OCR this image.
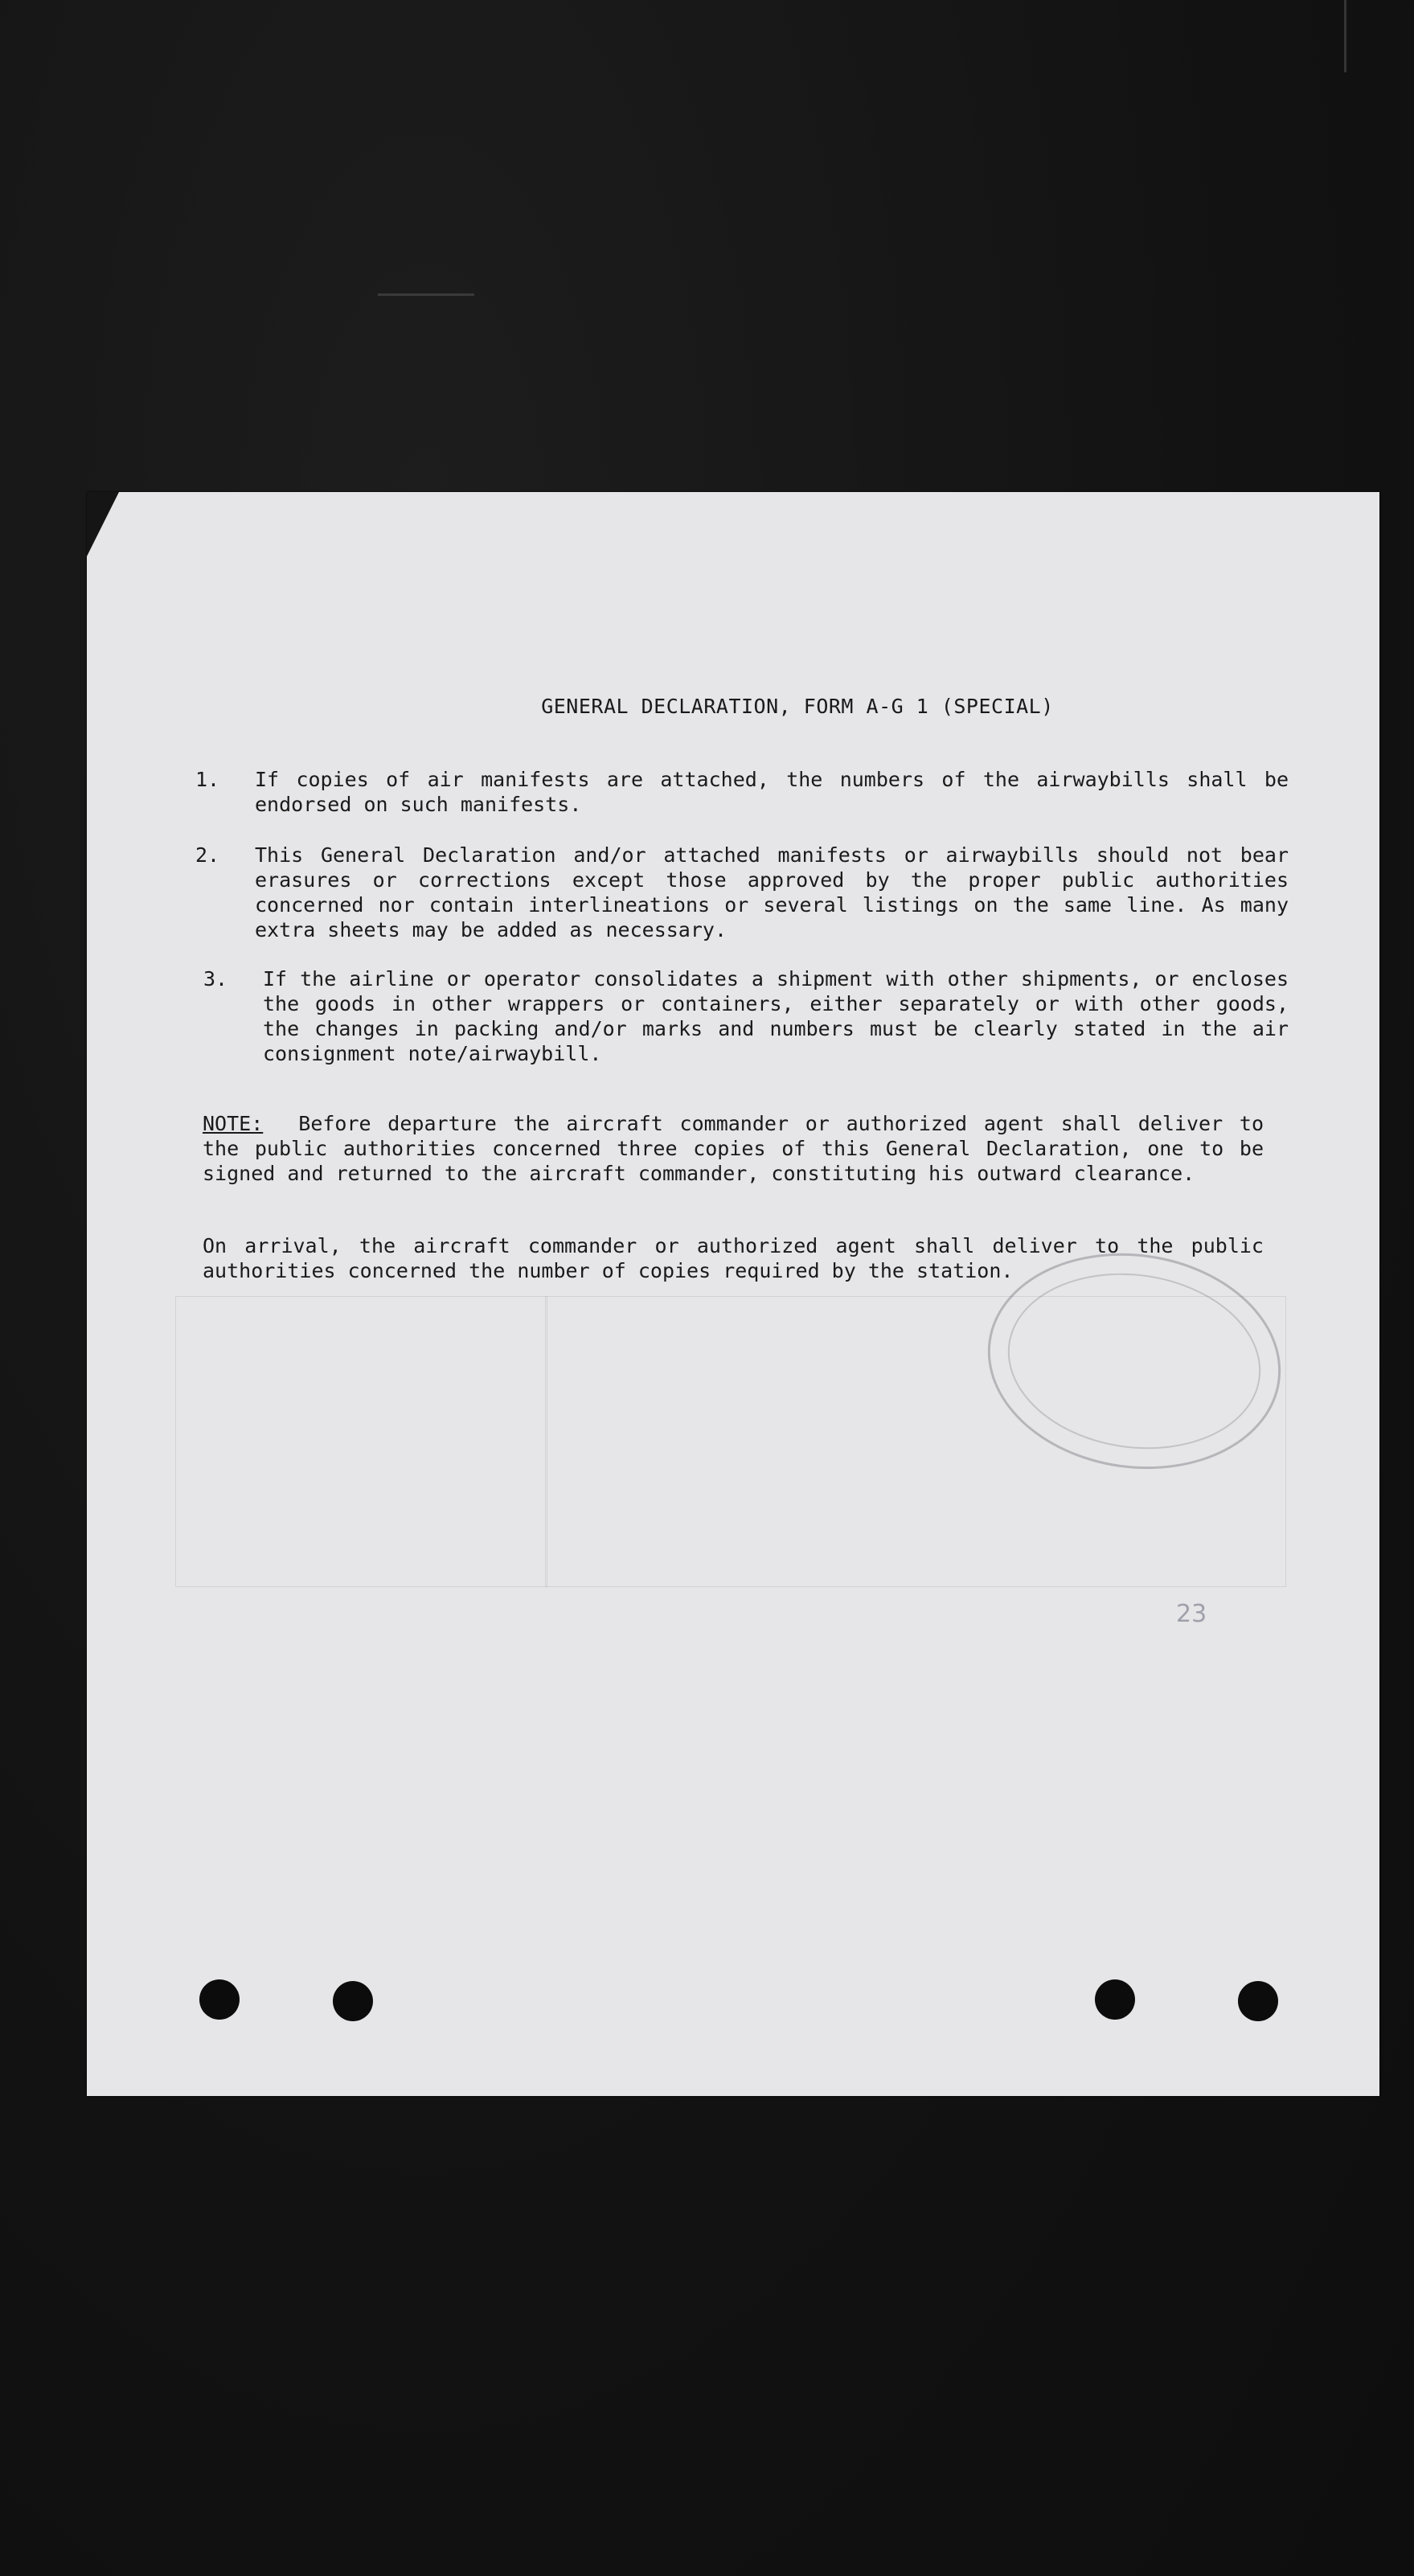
GENERAL DECLARATION, FORM A-G 1 (SPECIAL)
1.	If copies of air manifests are attached, the numbers of the airwaybills shall be endorsed on such manifests.
2.	This General Declaration and/or attached manifests or airwaybills should not bear erasures or corrections except those approved by the proper public authorities concerned nor contain interlineations or several listings on the same line. As many extra sheets may be added as necessary.
3.	If the airline or operator consolidates a shipment with other shipments, or encloses the goods in other wrappers or containers, either separately or with other goods, the changes in packing and/or marks and numbers must be clearly stated in the air consignment note/airwaybill.
NOTE: Before departure the aircraft commander or authorized agent shall deliver to the public authorities concerned three copies of this General Declaration, one to be signed and returned to the aircraft commander, constituting his outward clearance.
On arrival, the aircraft commander or authorized agent shall deliver to the public authorities concerned the number of copies required by the station.
23
